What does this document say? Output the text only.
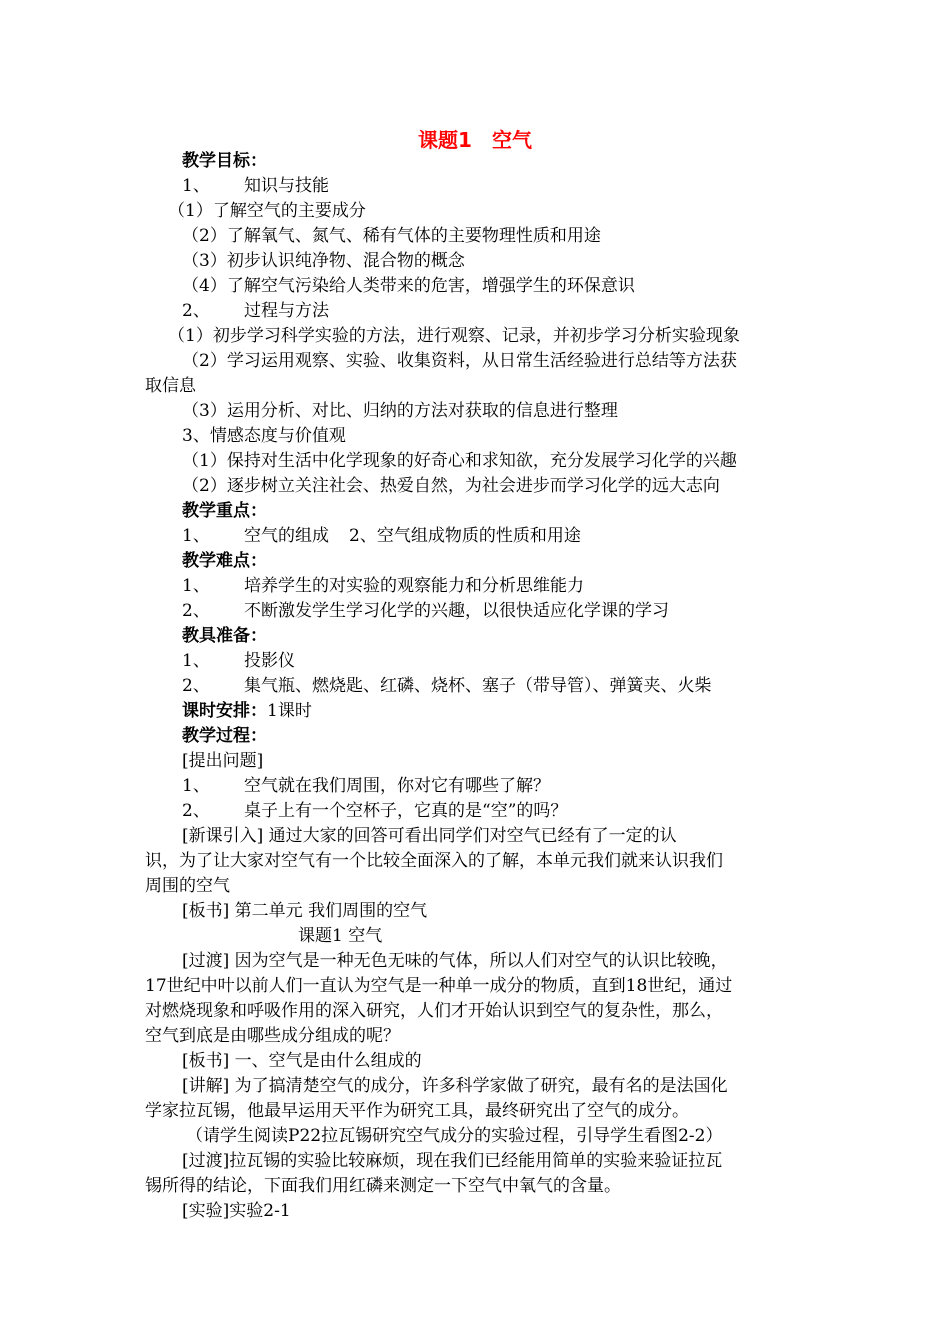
课题1　空气
教学目标：
1、 知识与技能
（1）了解空气的主要成分
（2）了解氧气、氮气、稀有气体的主要物理性质和用途
（3）初步认识纯净物、混合物的概念
（4）了解空气污染给人类带来的危害，增强学生的环保意识
2、 过程与方法
（1）初步学习科学实验的方法，进行观察、记录，并初步学习分析实验现象
（2）学习运用观察、实验、收集资料，从日常生活经验进行总结等方法获
取信息
（3）运用分析、对比、归纳的方法对获取的信息进行整理
3、情感态度与价值观
（1）保持对生活中化学现象的好奇心和求知欲，充分发展学习化学的兴趣
（2）逐步树立关注社会、热爱自然，为社会进步而学习化学的远大志向
教学重点：
1、 空气的组成 2、空气组成物质的性质和用途
教学难点：
1、 培养学生的对实验的观察能力和分析思维能力
2、 不断激发学生学习化学的兴趣，以很快适应化学课的学习
教具准备：
1、 投影仪
2、 集气瓶、燃烧匙、红磷、烧杯、塞子（带导管）、弹簧夹、火柴
课时安排：1课时
教学过程：
[提出问题]
1、 空气就在我们周围，你对它有哪些了解？
2、 桌子上有一个空杯子，它真的是“空”的吗？
[新课引入] 通过大家的回答可看出同学们对空气已经有了一定的认
识，为了让大家对空气有一个比较全面深入的了解，本单元我们就来认识我们
周围的空气
[板书] 第二单元 我们周围的空气
课题1 空气
[过渡] 因为空气是一种无色无味的气体，所以人们对空气的认识比较晚，
17世纪中叶以前人们一直认为空气是一种单一成分的物质，直到18世纪，通过
对燃烧现象和呼吸作用的深入研究，人们才开始认识到空气的复杂性，那么，
空气到底是由哪些成分组成的呢？
[板书] 一、空气是由什么组成的
[讲解] 为了搞清楚空气的成分，许多科学家做了研究，最有名的是法国化
学家拉瓦锡，他最早运用天平作为研究工具，最终研究出了空气的成分。
（请学生阅读P22拉瓦锡研究空气成分的实验过程，引导学生看图2-2）
[过渡]拉瓦锡的实验比较麻烦，现在我们已经能用简单的实验来验证拉瓦
锡所得的结论，下面我们用红磷来测定一下空气中氧气的含量。
[实验]实验2-1
